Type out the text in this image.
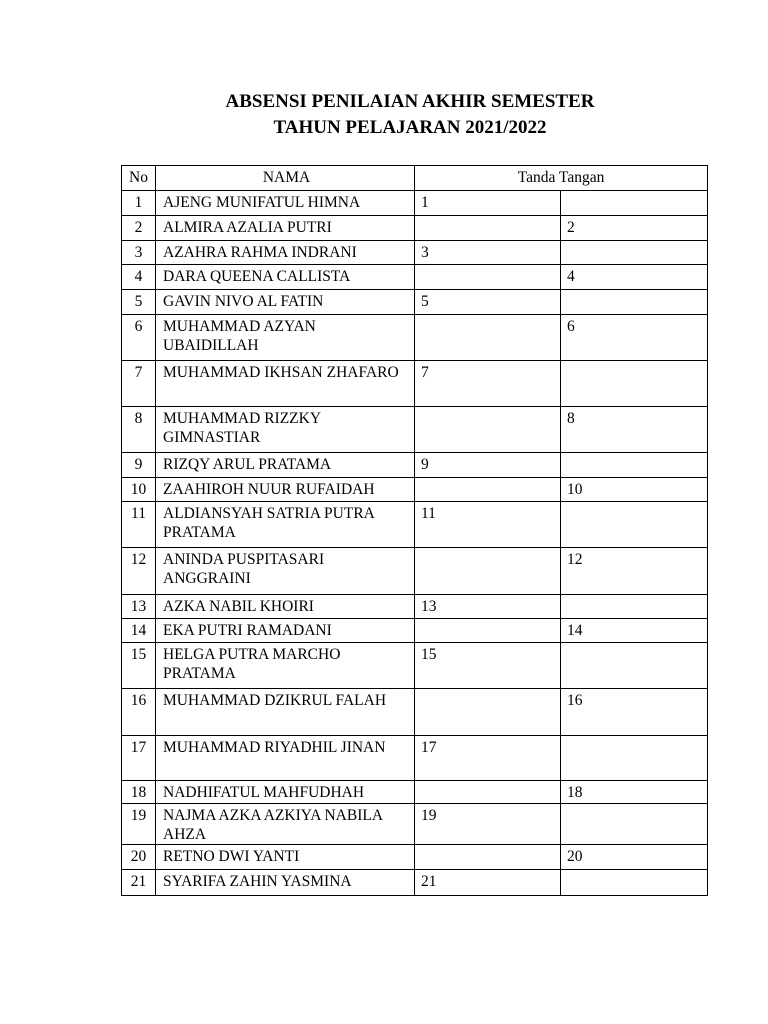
ABSENSI PENILAIAN AKHIR SEMESTER
TAHUN PELAJARAN 2021/2022
No	NAMA	Tanda Tangan	
1	AJENG MUNIFATUL HIMNA	1	
2	ALMIRA AZALIA PUTRI		2
3	AZAHRA RAHMA INDRANI	3	
4	DARA QUEENA CALLISTA		4
5	GAVIN NIVO AL FATIN	5	
6	MUHAMMAD AZYAN UBAIDILLAH		6
7	MUHAMMAD IKHSAN ZHAFARO	7	
8	MUHAMMAD RIZZKY GIMNASTIAR		8
9	RIZQY ARUL PRATAMA	9	
10	ZAAHIROH NUUR RUFAIDAH		10
11	ALDIANSYAH SATRIA PUTRA PRATAMA	11	
12	ANINDA PUSPITASARI ANGGRAINI		12
13	AZKA NABIL KHOIRI	13	
14	EKA PUTRI RAMADANI		14
15	HELGA PUTRA MARCHO PRATAMA	15	
16	MUHAMMAD DZIKRUL FALAH		16
17	MUHAMMAD RIYADHIL JINAN	17	
18	NADHIFATUL MAHFUDHAH		18
19	NAJMA AZKA AZKIYA NABILA AHZA	19	
20	RETNO DWI YANTI		20
21	SYARIFA ZAHIN YASMINA	21	
